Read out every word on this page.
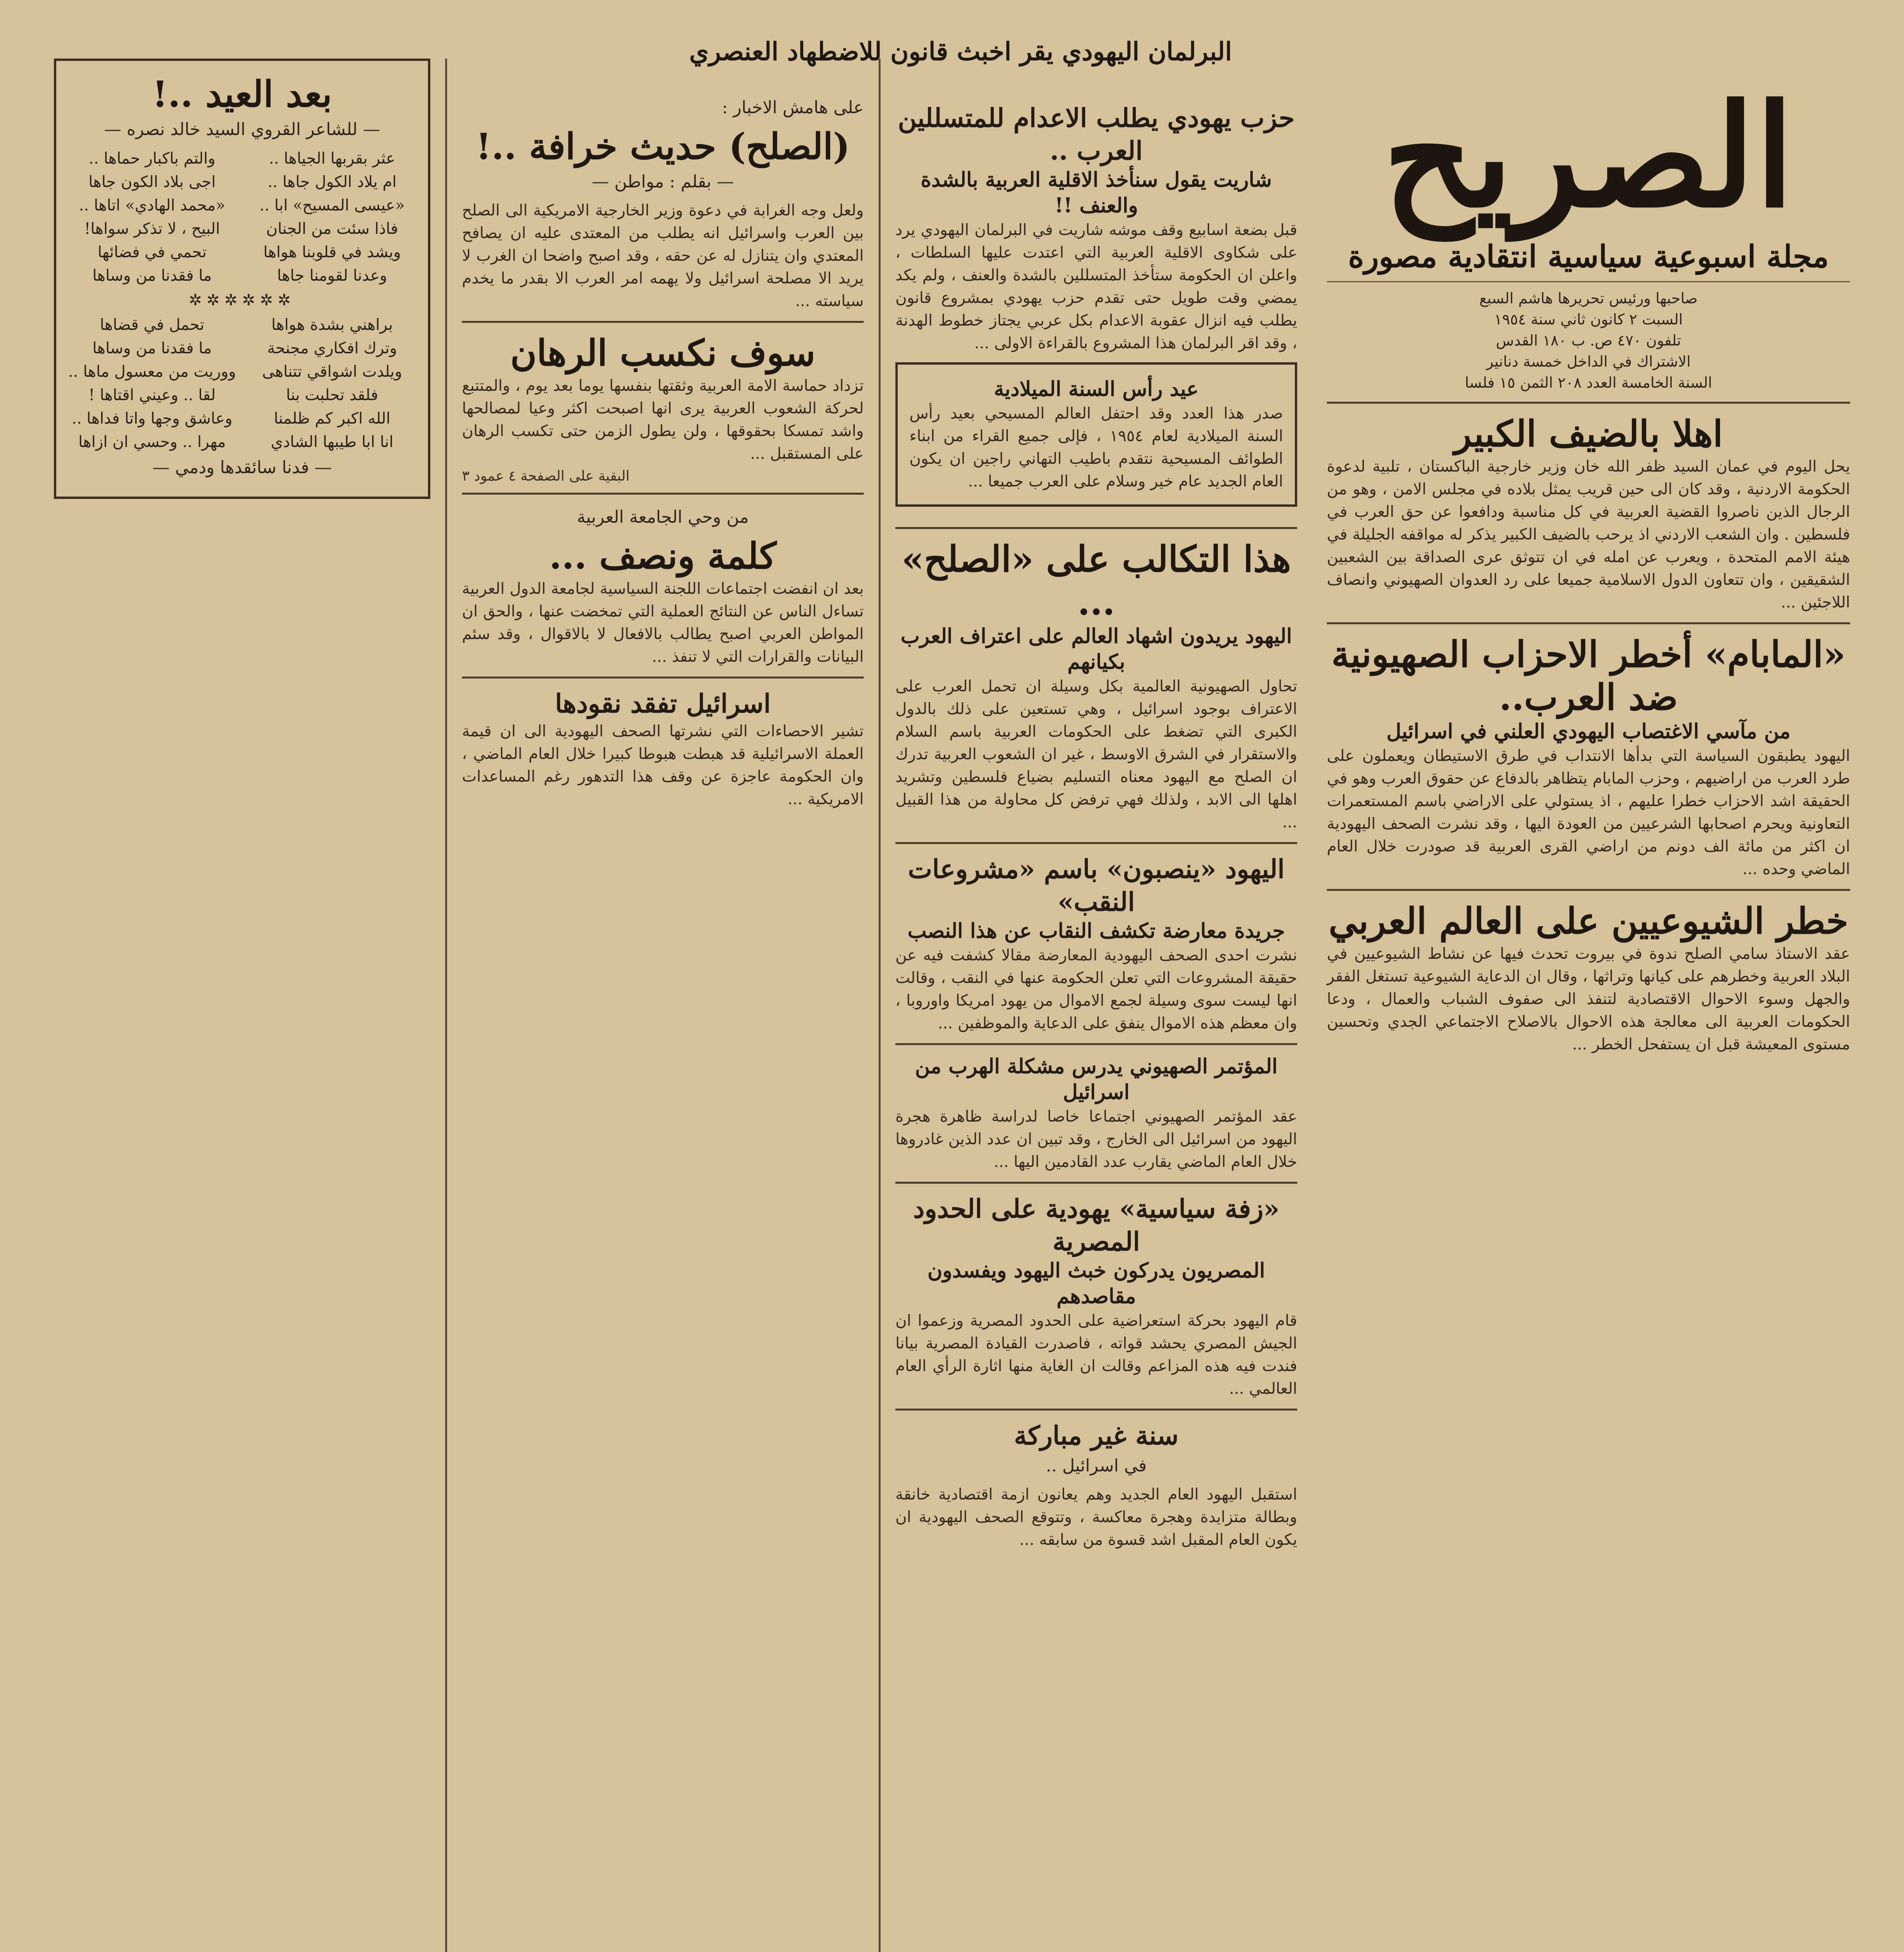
البرلمان اليهودي يقر اخبث قانون للاضطهاد العنصري
الصريح
مجلة اسبوعية سياسية انتقادية مصورة
صاحبها ورئيس تحريرها هاشم السبع
السبت ٢ كانون ثاني سنة ١٩٥٤
تلفون ٤٧٠ ص. ب ١٨٠ القدس
الاشتراك في الداخل خمسة دنانير
السنة الخامسة العدد ٢٠٨ الثمن ١٥ فلسا
اهلا بالضيف الكبير
يحل اليوم في عمان السيد ظفر الله خان وزير خارجية الباكستان ، تلبية لدعوة الحكومة الاردنية ، وقد كان الى حين قريب يمثل بلاده في مجلس الامن ، وهو من الرجال الذين ناصروا القضية العربية في كل مناسبة ودافعوا عن حق العرب في فلسطين . وان الشعب الاردني اذ يرحب بالضيف الكبير يذكر له مواقفه الجليلة في هيئة الامم المتحدة ، ويعرب عن امله في ان تتوثق عرى الصداقة بين الشعبين الشقيقين ، وان تتعاون الدول الاسلامية جميعا على رد العدوان الصهيوني وانصاف اللاجئين ...
«المابام» أخطر الاحزاب الصهيونية ضد العرب..
من مآسي الاغتصاب اليهودي العلني في اسرائيل
اليهود يطبقون السياسة التي بدأها الانتداب في طرق الاستيطان ويعملون على طرد العرب من اراضيهم ، وحزب المابام يتظاهر بالدفاع عن حقوق العرب وهو في الحقيقة اشد الاحزاب خطرا عليهم ، اذ يستولي على الاراضي باسم المستعمرات التعاونية ويحرم اصحابها الشرعيين من العودة اليها ، وقد نشرت الصحف اليهودية ان اكثر من مائة الف دونم من اراضي القرى العربية قد صودرت خلال العام الماضي وحده ...
خطر الشيوعيين على العالم العربي
عقد الاستاذ سامي الصلح ندوة في بيروت تحدث فيها عن نشاط الشيوعيين في البلاد العربية وخطرهم على كيانها وتراثها ، وقال ان الدعاية الشيوعية تستغل الفقر والجهل وسوء الاحوال الاقتصادية لتنفذ الى صفوف الشباب والعمال ، ودعا الحكومات العربية الى معالجة هذه الاحوال بالاصلاح الاجتماعي الجدي وتحسين مستوى المعيشة قبل ان يستفحل الخطر ...
حزب يهودي يطلب الاعدام للمتسللين العرب ..
شاريت يقول سنأخذ الاقلية العربية بالشدة والعنف !!
قبل بضعة اسابيع وقف موشه شاريت في البرلمان اليهودي يرد على شكاوى الاقلية العربية التي اعتدت عليها السلطات ، واعلن ان الحكومة ستأخذ المتسللين بالشدة والعنف ، ولم يكد يمضي وقت طويل حتى تقدم حزب يهودي بمشروع قانون يطلب فيه انزال عقوبة الاعدام بكل عربي يجتاز خطوط الهدنة ، وقد اقر البرلمان هذا المشروع بالقراءة الاولى ...
عيد رأس السنة الميلادية
صدر هذا العدد وقد احتفل العالم المسيحي بعيد رأس السنة الميلادية لعام ١٩٥٤ ، فإلى جميع القراء من ابناء الطوائف المسيحية نتقدم باطيب التهاني راجين ان يكون العام الجديد عام خير وسلام على العرب جميعا ...
هذا التكالب على «الصلح» ...
اليهود يريدون اشهاد العالم على اعتراف العرب بكيانهم
تحاول الصهيونية العالمية بكل وسيلة ان تحمل العرب على الاعتراف بوجود اسرائيل ، وهي تستعين على ذلك بالدول الكبرى التي تضغط على الحكومات العربية باسم السلام والاستقرار في الشرق الاوسط ، غير ان الشعوب العربية تدرك ان الصلح مع اليهود معناه التسليم بضياع فلسطين وتشريد اهلها الى الابد ، ولذلك فهي ترفض كل محاولة من هذا القبيل ...
اليهود «ينصبون» باسم «مشروعات النقب»
جريدة معارضة تكشف النقاب عن هذا النصب
نشرت احدى الصحف اليهودية المعارضة مقالا كشفت فيه عن حقيقة المشروعات التي تعلن الحكومة عنها في النقب ، وقالت انها ليست سوى وسيلة لجمع الاموال من يهود امريكا واوروبا ، وان معظم هذه الاموال ينفق على الدعاية والموظفين ...
المؤتمر الصهيوني يدرس مشكلة الهرب من اسرائيل
عقد المؤتمر الصهيوني اجتماعا خاصا لدراسة ظاهرة هجرة اليهود من اسرائيل الى الخارج ، وقد تبين ان عدد الذين غادروها خلال العام الماضي يقارب عدد القادمين اليها ...
«زفة سياسية» يهودية على الحدود المصرية
المصريون يدركون خبث اليهود ويفسدون مقاصدهم
قام اليهود بحركة استعراضية على الحدود المصرية وزعموا ان الجيش المصري يحشد قواته ، فاصدرت القيادة المصرية بيانا فندت فيه هذه المزاعم وقالت ان الغاية منها اثارة الرأي العام العالمي ...
سنة غير مباركة
في اسرائيل ..
استقبل اليهود العام الجديد وهم يعانون ازمة اقتصادية خانقة وبطالة متزايدة وهجرة معاكسة ، وتتوقع الصحف اليهودية ان يكون العام المقبل اشد قسوة من سابقه ...
على هامش الاخبار :
(الصلح) حديث خرافة ..!
— بقلم : مواطن —
ولعل وجه الغرابة في دعوة وزير الخارجية الامريكية الى الصلح بين العرب واسرائيل انه يطلب من المعتدى عليه ان يصافح المعتدي وان يتنازل له عن حقه ، وقد اصبح واضحا ان الغرب لا يريد الا مصلحة اسرائيل ولا يهمه امر العرب الا بقدر ما يخدم سياسته ...
سوف نكسب الرهان
تزداد حماسة الامة العربية وثقتها بنفسها يوما بعد يوم ، والمتتبع لحركة الشعوب العربية يرى انها اصبحت اكثر وعيا لمصالحها واشد تمسكا بحقوقها ، ولن يطول الزمن حتى تكسب الرهان على المستقبل ...
البقية على الصفحة ٤ عمود ٣
من وحي الجامعة العربية
كلمة ونصف ...
بعد ان انفضت اجتماعات اللجنة السياسية لجامعة الدول العربية تساءل الناس عن النتائج العملية التي تمخضت عنها ، والحق ان المواطن العربي اصبح يطالب بالافعال لا بالاقوال ، وقد سئم البيانات والقرارات التي لا تنفذ ...
اسرائيل تفقد نقودها
تشير الاحصاءات التي نشرتها الصحف اليهودية الى ان قيمة العملة الاسرائيلية قد هبطت هبوطا كبيرا خلال العام الماضي ، وان الحكومة عاجزة عن وقف هذا التدهور رغم المساعدات الامريكية ...
بعد العيد ..!
— للشاعر القروي السيد خالد نصره —
عثر بقربها الجياها ..
ام يلاد الكول جاها ..
«عيسى المسيح» ابا ..
فاذا سئت من الجنان
ويشد في قلوبنا هواها
وعدنا لقومنا جاها
والتم باكبار حماها ..
اجى بلاد الكون جاها
«محمد الهادي» اتاها ..
البيح ، لا تذكر سواها!
تحمي في فضائها
ما فقدنا من وساها
✲✲✲✲✲✲
براهني بشدة هواها
وترك افكاري مجنحة
ويلدت اشواقي تتناهى
فلقد تحلبت بنا
الله اكبر كم ظلمنا
انا ابا طيبها الشادي
تحمل في قضاها
ما فقدنا من وساها
ووريت من معسول ماها ..
لقا .. وعيني اقتاها !
وعاشق وجها واتا فداها ..
مهرا .. وحسي ان ازاها
— فدنا سائقدها ودمي —
